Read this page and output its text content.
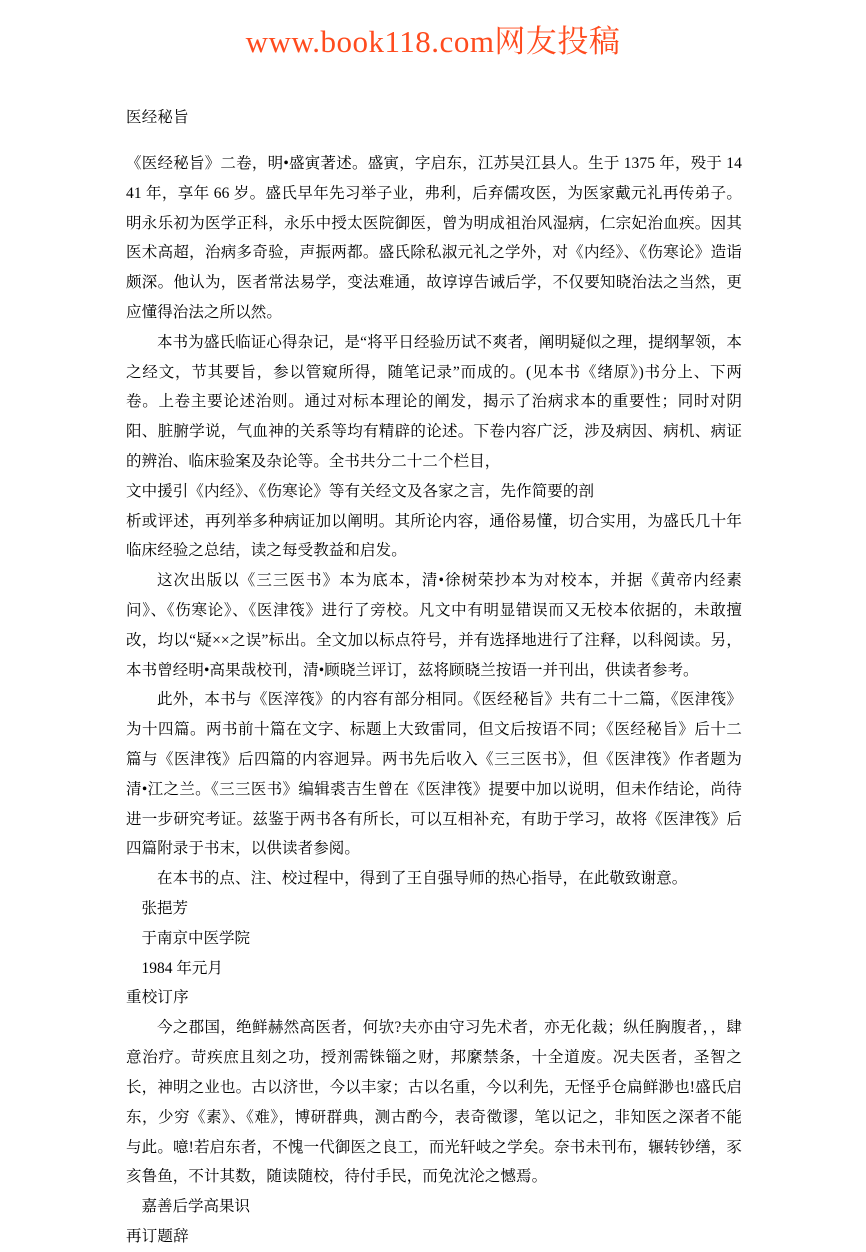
www.book118.com网友投稿

医经秘旨

《医经秘旨》二卷，明•盛寅著述。盛寅，字启东，江苏吴江县人。生于 1375 年，殁于 1441 年，享年 66 岁。盛氏早年先习举子业，弗利，后弃儒攻医，为医家戴元礼再传弟子。明永乐初为医学正科，永乐中授太医院御医，曾为明成祖治风湿病，仁宗妃治血疾。因其医术高超，治病多奇验，声振两都。盛氏除私淑元礼之学外，对《内经》、《伤寒论》造诣颇深。他认为，医者常法易学，变法难通，故谆谆告诫后学，不仅要知晓治法之当然，更应懂得治法之所以然。

本书为盛氏临证心得杂记，是“将平日经验历试不爽者，阐明疑似之理，提纲挈领，本之经文，节其要旨，参以管窥所得，随笔记录”而成的。(见本书《绪原》)书分上、下两卷。上卷主要论述治则。通过对标本理论的阐发，揭示了治病求本的重要性；同时对阴阳、脏腑学说，气血神的关系等均有精辟的论述。下卷内容广泛，涉及病因、病机、病证的辨治、临床验案及杂论等。全书共分二十二个栏目，

文中援引《内经》、《伤寒论》等有关经文及各家之言，先作简要的剖

析或评述，再列举多种病证加以阐明。其所论内容，通俗易懂，切合实用，为盛氏几十年临床经验之总结，读之每受教益和启发。

这次出版以《三三医书》本为底本，清•徐树荣抄本为对校本，并据《黄帝内经素问》、《伤寒论》、《医津筏》进行了旁校。凡文中有明显错误而又无校本依据的，未敢擅改，均以“疑××之误”标出。全文加以标点符号，并有选择地进行了注释，以科阅读。另，本书曾经明•高果哉校刊，清•顾晓兰评订，兹将顾晓兰按语一并刊出，供读者参考。

此外，本书与《医滓筏》的内容有部分相同。《医经秘旨》共有二十二篇，《医津筏》为十四篇。两书前十篇在文字、标题上大致雷同，但文后按语不同；《医经秘旨》后十二篇与《医津筏》后四篇的内容迥异。两书先后收入《三三医书》，但《医津筏》作者题为清•江之兰。《三三医书》编辑裘吉生曾在《医津筏》提要中加以说明，但未作结论，尚待进一步研究考证。兹鉴于两书各有所长，可以互相补充，有助于学习，故将《医津筏》后四篇附录于书末，以供读者参阅。

在本书的点、注、校过程中，得到了王自强导师的热心指导，在此敬致谢意。

张挹芳

于南京中医学院

1984 年元月

重校订序

今之郡国，绝鲜赫然高医者，何欤?夫亦由守习先术者，亦无化裁；纵任胸腹者，，肆意治疗。苛疾庶且刻之功，授剂需铢锱之财，邦縻禁条，十全道废。况夫医者，圣智之长，神明之业也。古以济世，今以丰家；古以名重，今以利先，无怪乎仓扁鲜渺也!盛氏启东，少穷《素》、《难》，博研群典，测古酌今，表奇徵谬，笔以记之，非知医之深者不能与此。噫!若启东者，不愧一代御医之良工，而光轩岐之学矣。奈书未刊布，辗转钞缮，豕亥鲁鱼，不计其数，随读随校，待付手民，而免沈沦之憾焉。

嘉善后学高果识

再订题辞
